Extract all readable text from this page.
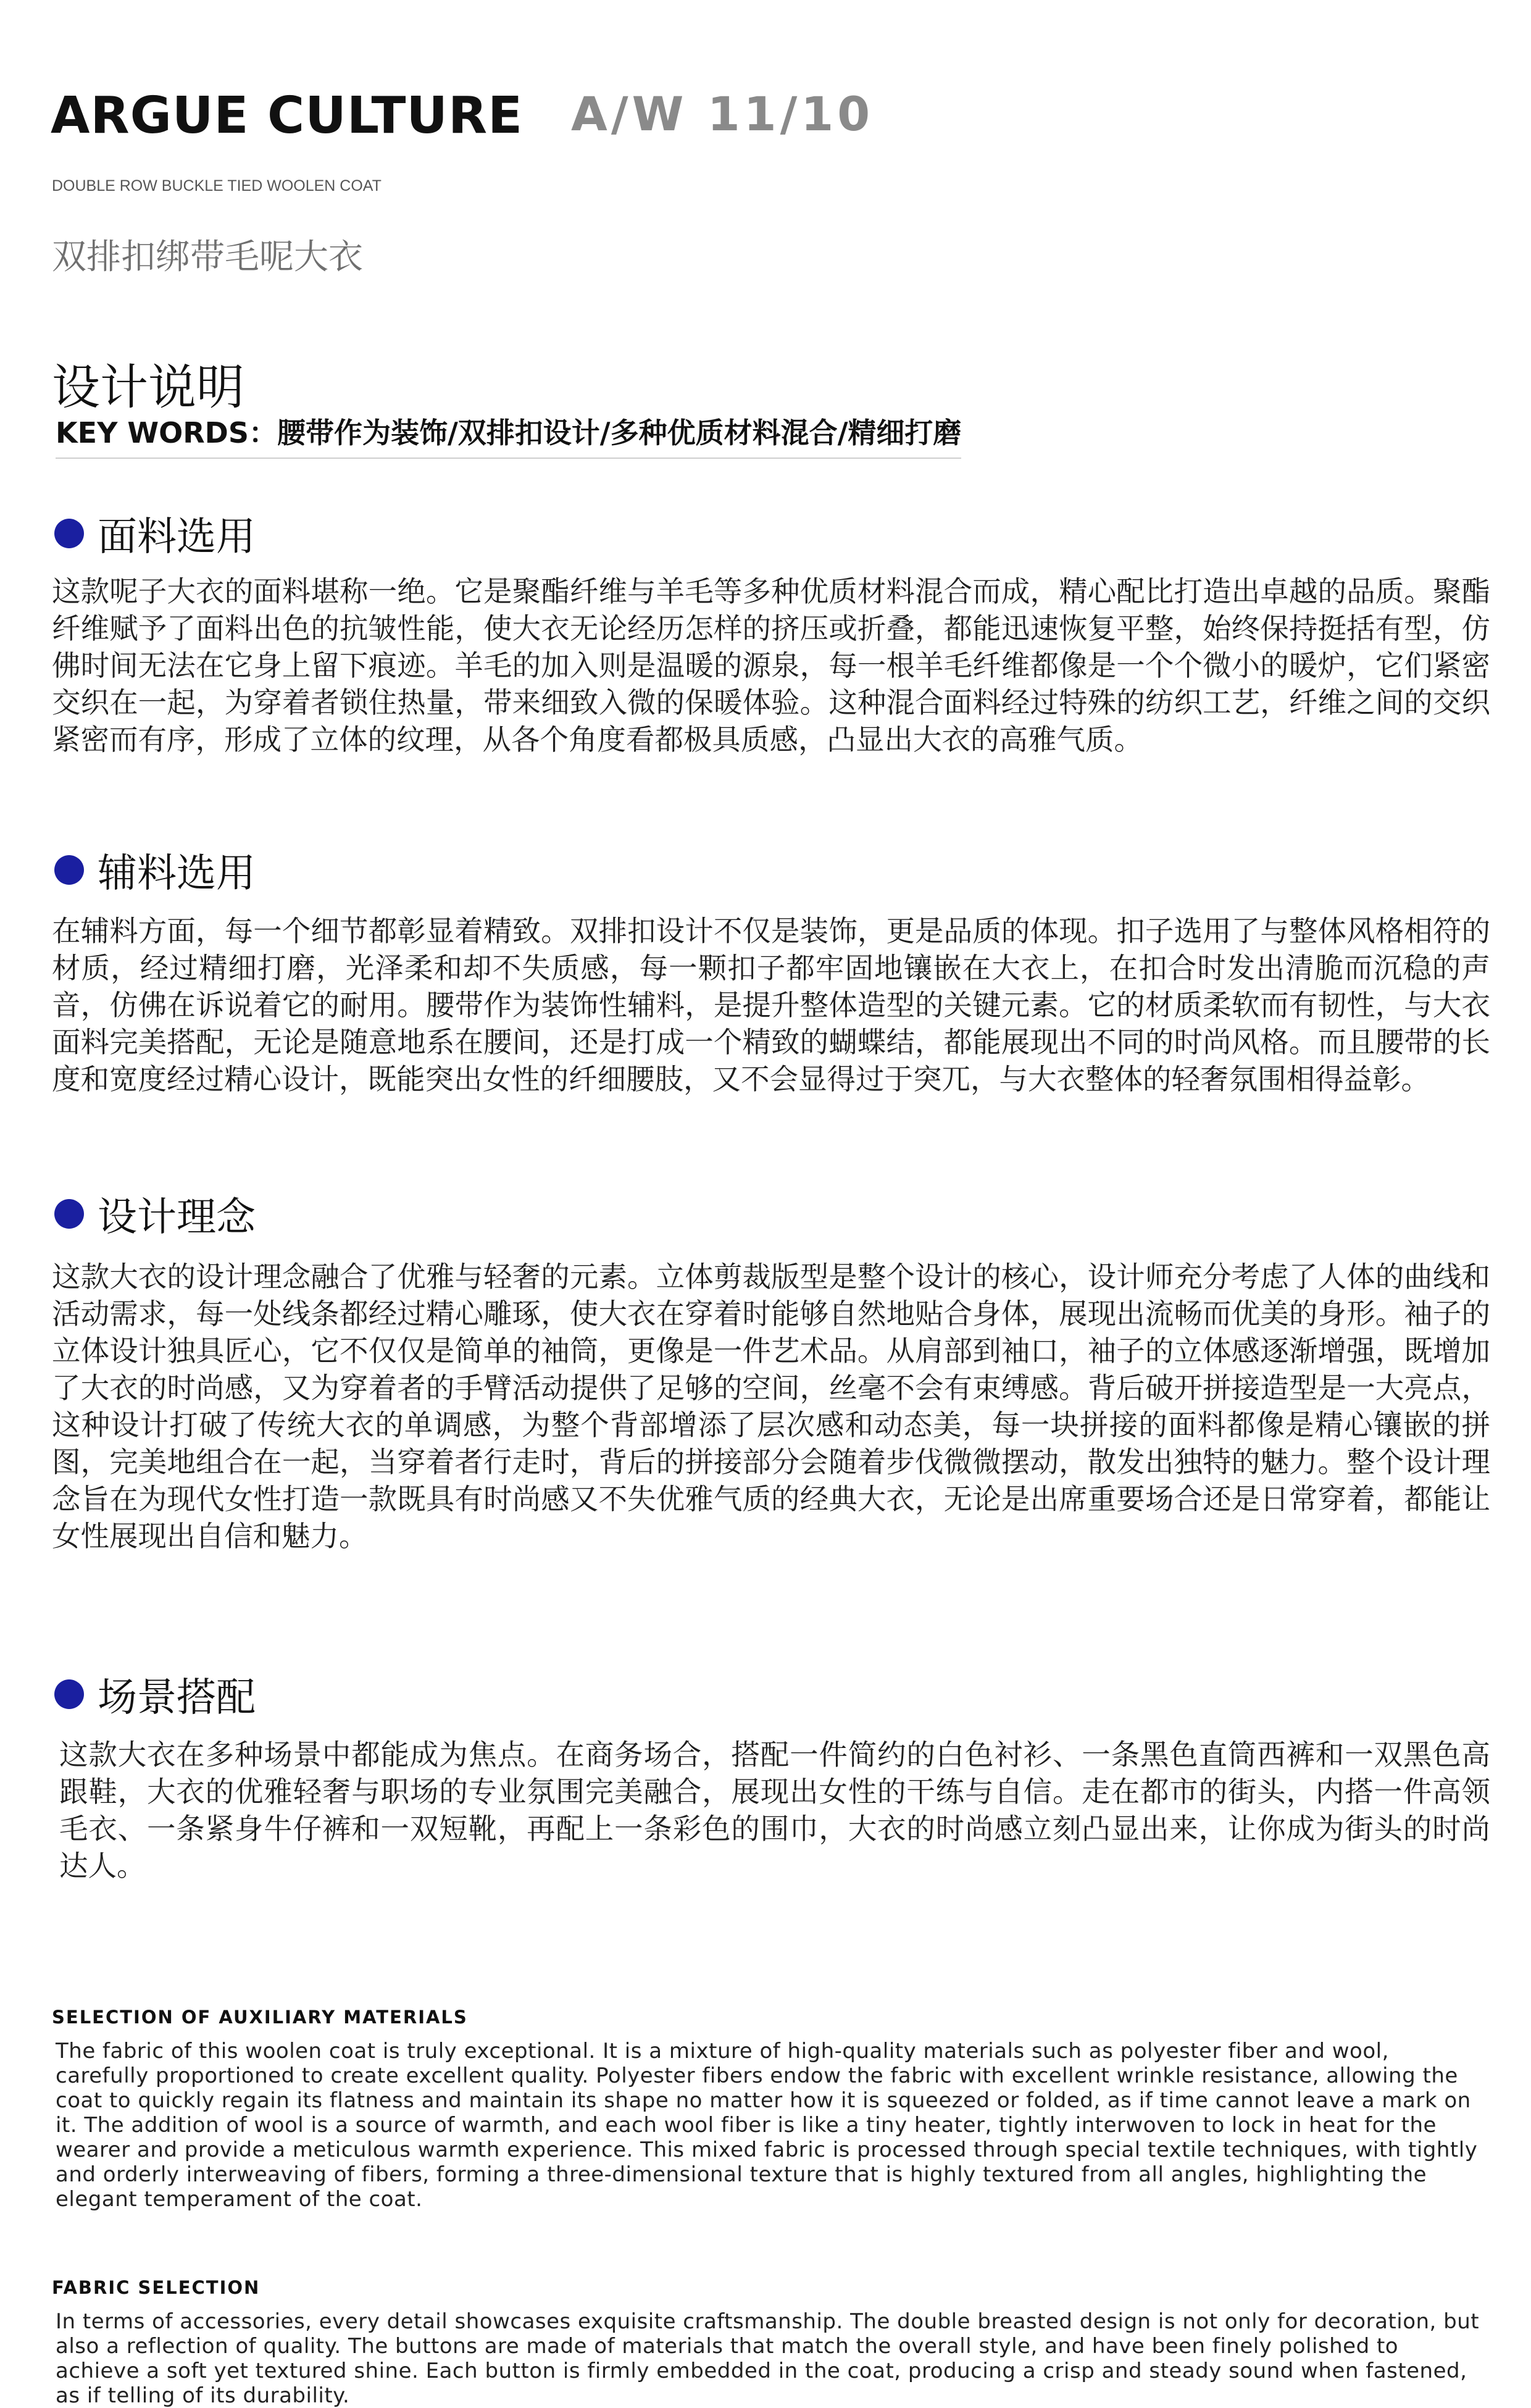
ARGUE CULTURE A/W 11/10
DOUBLE ROW BUCKLE TIED WOOLEN COAT
双排扣绑带毛呢大衣
设计说明
KEY WORDS：腰带作为装饰/双排扣设计/多种优质材料混合/精细打磨
面料选用
这款呢子大衣的面料堪称一绝。它是聚酯纤维与羊毛等多种优质材料混合而成，精心配比打造出卓越的品质。聚酯纤维赋予了面料出色的抗皱性能，使大衣无论经历怎样的挤压或折叠，都能迅速恢复平整，始终保持挺括有型，仿佛时间无法在它身上留下痕迹。羊毛的加入则是温暖的源泉，每一根羊毛纤维都像是一个个微小的暖炉，它们紧密交织在一起，为穿着者锁住热量，带来细致入微的保暖体验。这种混合面料经过特殊的纺织工艺，纤维之间的交织紧密而有序，形成了立体的纹理，从各个角度看都极具质感，凸显出大衣的高雅气质。
辅料选用
在辅料方面，每一个细节都彰显着精致。双排扣设计不仅是装饰，更是品质的体现。扣子选用了与整体风格相符的材质，经过精细打磨，光泽柔和却不失质感，每一颗扣子都牢固地镶嵌在大衣上，在扣合时发出清脆而沉稳的声音，仿佛在诉说着它的耐用。腰带作为装饰性辅料，是提升整体造型的关键元素。它的材质柔软而有韧性，与大衣面料完美搭配，无论是随意地系在腰间，还是打成一个精致的蝴蝶结，都能展现出不同的时尚风格。而且腰带的长度和宽度经过精心设计，既能突出女性的纤细腰肢，又不会显得过于突兀，与大衣整体的轻奢氛围相得益彰。
设计理念
这款大衣的设计理念融合了优雅与轻奢的元素。立体剪裁版型是整个设计的核心，设计师充分考虑了人体的曲线和活动需求，每一处线条都经过精心雕琢，使大衣在穿着时能够自然地贴合身体，展现出流畅而优美的身形。袖子的立体设计独具匠心，它不仅仅是简单的袖筒，更像是一件艺术品。从肩部到袖口，袖子的立体感逐渐增强，既增加了大衣的时尚感，又为穿着者的手臂活动提供了足够的空间，丝毫不会有束缚感。背后破开拼接造型是一大亮点，这种设计打破了传统大衣的单调感，为整个背部增添了层次感和动态美，每一块拼接的面料都像是精心镶嵌的拼图，完美地组合在一起，当穿着者行走时，背后的拼接部分会随着步伐微微摆动，散发出独特的魅力。整个设计理念旨在为现代女性打造一款既具有时尚感又不失优雅气质的经典大衣，无论是出席重要场合还是日常穿着，都能让女性展现出自信和魅力。
场景搭配
这款大衣在多种场景中都能成为焦点。在商务场合，搭配一件简约的白色衬衫、一条黑色直筒西裤和一双黑色高跟鞋，大衣的优雅轻奢与职场的专业氛围完美融合，展现出女性的干练与自信。走在都市的街头，内搭一件高领毛衣、一条紧身牛仔裤和一双短靴，再配上一条彩色的围巾，大衣的时尚感立刻凸显出来，让你成为街头的时尚达人。
SELECTION OF AUXILIARY MATERIALS
The fabric of this woolen coat is truly exceptional. It is a mixture of high-quality materials such as polyester fiber and wool, carefully proportioned to create excellent quality. Polyester fibers endow the fabric with excellent wrinkle resistance, allowing the coat to quickly regain its flatness and maintain its shape no matter how it is squeezed or folded, as if time cannot leave a mark on it. The addition of wool is a source of warmth, and each wool fiber is like a tiny heater, tightly interwoven to lock in heat for the wearer and provide a meticulous warmth experience. This mixed fabric is processed through special textile techniques, with tightly and orderly interweaving of fibers, forming a three-dimensional texture that is highly textured from all angles, highlighting the elegant temperament of the coat.
FABRIC SELECTION
In terms of accessories, every detail showcases exquisite craftsmanship. The double breasted design is not only for decoration, but also a reflection of quality. The buttons are made of materials that match the overall style, and have been finely polished to achieve a soft yet textured shine. Each button is firmly embedded in the coat, producing a crisp and steady sound when fastened, as if telling of its durability.
